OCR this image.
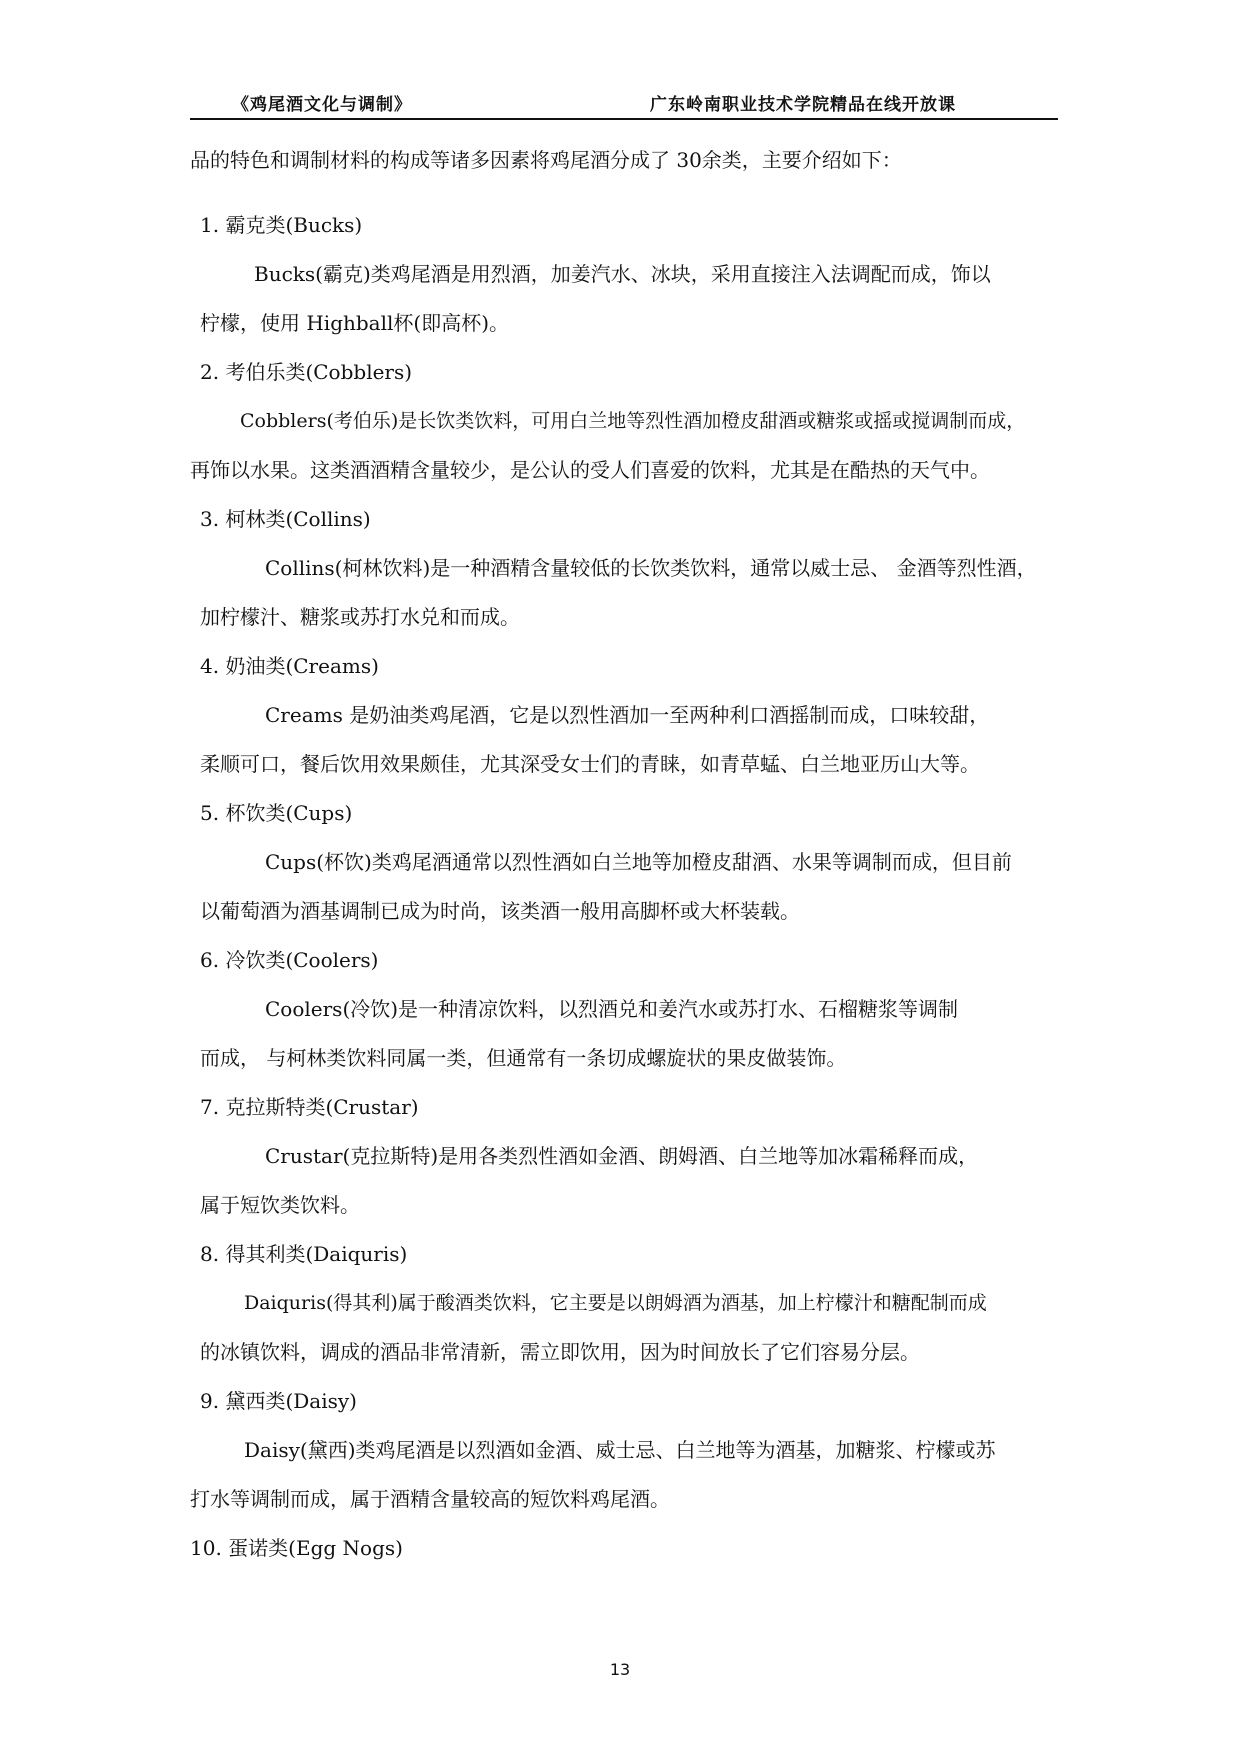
《鸡尾酒文化与调制》	广东岭南职业技术学院精品在线开放课
品的特色和调制材料的构成等诸多因素将鸡尾酒分成了 30余类，主要介绍如下：
1. 霸克类(Bucks)
Bucks(霸克)类鸡尾酒是用烈酒，加姜汽水、冰块，采用直接注入法调配而成，饰以
柠檬，使用 Highball杯(即高杯)。
2. 考伯乐类(Cobblers)
Cobblers(考伯乐)是长饮类饮料，可用白兰地等烈性酒加橙皮甜酒或糖浆或摇或搅调制而成，
再饰以水果。这类酒酒精含量较少，是公认的受人们喜爱的饮料，尤其是在酷热的天气中。
3. 柯林类(Collins)
Collins(柯林饮料)是一种酒精含量较低的长饮类饮料，通常以威士忌、 金酒等烈性酒，
加柠檬汁、糖浆或苏打水兑和而成。
4. 奶油类(Creams)
Creams 是奶油类鸡尾酒，它是以烈性酒加一至两种利口酒摇制而成，口味较甜，
柔顺可口，餐后饮用效果颇佳，尤其深受女士们的青睐，如青草蜢、白兰地亚历山大等。
5. 杯饮类(Cups)
Cups(杯饮)类鸡尾酒通常以烈性酒如白兰地等加橙皮甜酒、水果等调制而成，但目前
以葡萄酒为酒基调制已成为时尚，该类酒一般用高脚杯或大杯装载。
6. 冷饮类(Coolers)
Coolers(冷饮)是一种清凉饮料，以烈酒兑和姜汽水或苏打水、石榴糖浆等调制
而成， 与柯林类饮料同属一类，但通常有一条切成螺旋状的果皮做装饰。
7. 克拉斯特类(Crustar)
Crustar(克拉斯特)是用各类烈性酒如金酒、朗姆酒、白兰地等加冰霜稀释而成，
属于短饮类饮料。
8. 得其利类(Daiquris)
Daiquris(得其利)属于酸酒类饮料，它主要是以朗姆酒为酒基，加上柠檬汁和糖配制而成
的冰镇饮料，调成的酒品非常清新，需立即饮用，因为时间放长了它们容易分层。
9. 黛西类(Daisy)
Daisy(黛西)类鸡尾酒是以烈酒如金酒、威士忌、白兰地等为酒基，加糖浆、柠檬或苏
打水等调制而成，属于酒精含量较高的短饮料鸡尾酒。
10. 蛋诺类(Egg Nogs)
13
